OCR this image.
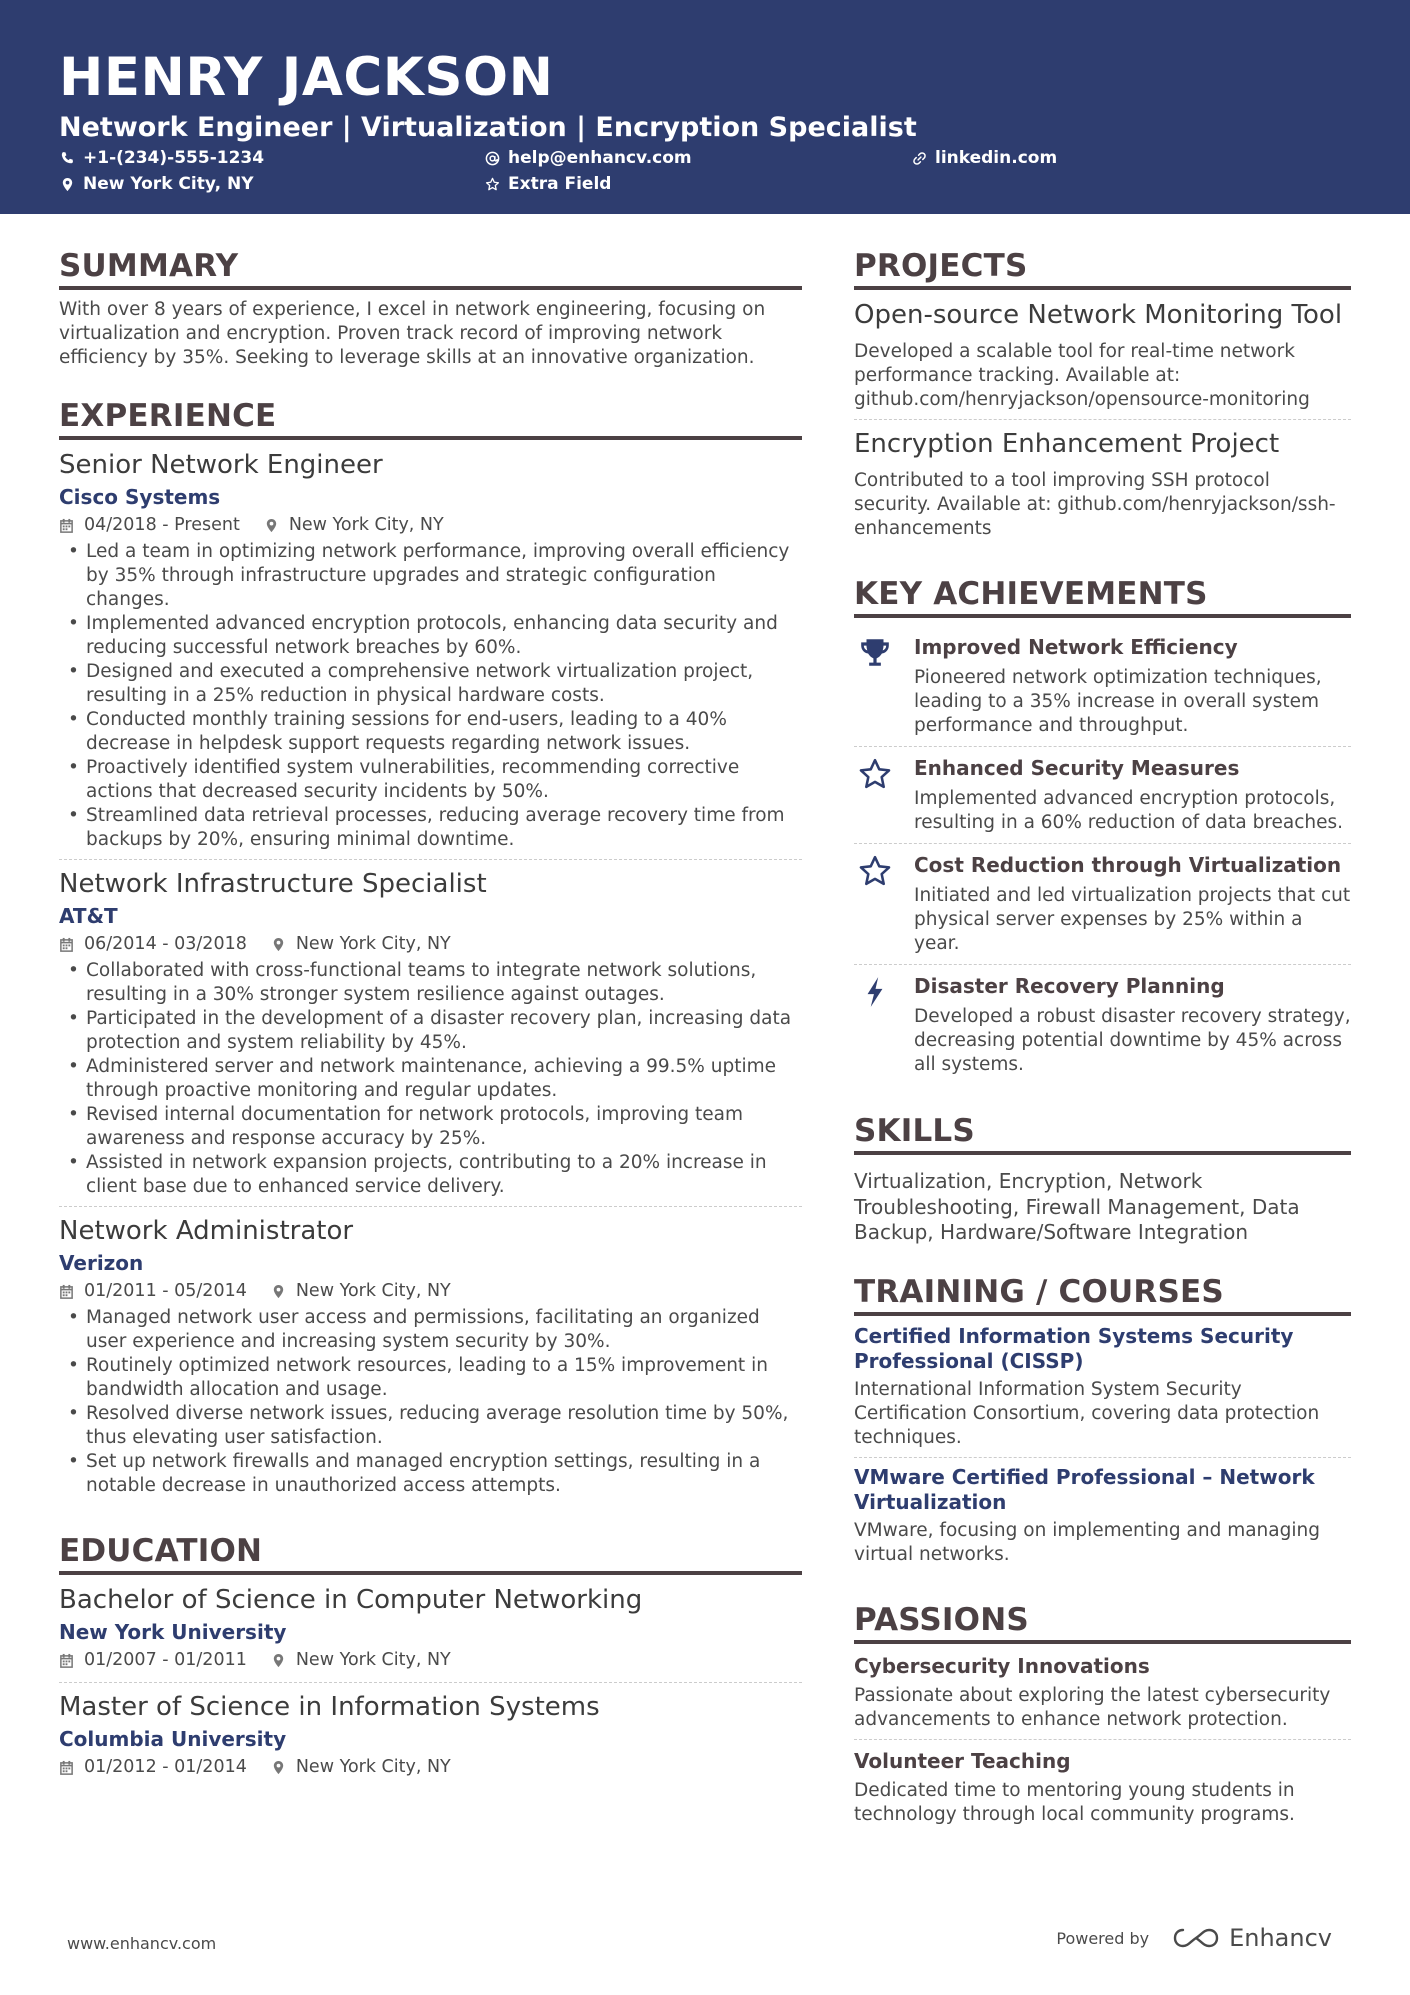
HENRY JACKSON
Network Engineer | Virtualization | Encryption Specialist
+1-(234)-555-1234	help@enhancv.com	linkedin.com
New York City, NY	Extra Field
SUMMARY
With over 8 years of experience, I excel in network engineering, focusing on virtualization and encryption. Proven track record of improving network efficiency by 35%. Seeking to leverage skills at an innovative organization.
EXPERIENCE
Senior Network Engineer
Cisco Systems
04/2018 - Present	New York City, NY
• Led a team in optimizing network performance, improving overall efficiency by 35% through infrastructure upgrades and strategic configuration changes.
• Implemented advanced encryption protocols, enhancing data security and reducing successful network breaches by 60%.
• Designed and executed a comprehensive network virtualization project, resulting in a 25% reduction in physical hardware costs.
• Conducted monthly training sessions for end-users, leading to a 40% decrease in helpdesk support requests regarding network issues.
• Proactively identified system vulnerabilities, recommending corrective actions that decreased security incidents by 50%.
• Streamlined data retrieval processes, reducing average recovery time from backups by 20%, ensuring minimal downtime.
Network Infrastructure Specialist
AT&T
06/2014 - 03/2018	New York City, NY
• Collaborated with cross-functional teams to integrate network solutions, resulting in a 30% stronger system resilience against outages.
• Participated in the development of a disaster recovery plan, increasing data protection and system reliability by 45%.
• Administered server and network maintenance, achieving a 99.5% uptime through proactive monitoring and regular updates.
• Revised internal documentation for network protocols, improving team awareness and response accuracy by 25%.
• Assisted in network expansion projects, contributing to a 20% increase in client base due to enhanced service delivery.
Network Administrator
Verizon
01/2011 - 05/2014	New York City, NY
• Managed network user access and permissions, facilitating an organized user experience and increasing system security by 30%.
• Routinely optimized network resources, leading to a 15% improvement in bandwidth allocation and usage.
• Resolved diverse network issues, reducing average resolution time by 50%, thus elevating user satisfaction.
• Set up network firewalls and managed encryption settings, resulting in a notable decrease in unauthorized access attempts.
EDUCATION
Bachelor of Science in Computer Networking
New York University
01/2007 - 01/2011	New York City, NY
Master of Science in Information Systems
Columbia University
01/2012 - 01/2014	New York City, NY
PROJECTS
Open-source Network Monitoring Tool
Developed a scalable tool for real-time network performance tracking. Available at: github.com/henryjackson/opensource-monitoring
Encryption Enhancement Project
Contributed to a tool improving SSH protocol security. Available at: github.com/henryjackson/ssh-enhancements
KEY ACHIEVEMENTS
Improved Network Efficiency
Pioneered network optimization techniques, leading to a 35% increase in overall system performance and throughput.
Enhanced Security Measures
Implemented advanced encryption protocols, resulting in a 60% reduction of data breaches.
Cost Reduction through Virtualization
Initiated and led virtualization projects that cut physical server expenses by 25% within a year.
Disaster Recovery Planning
Developed a robust disaster recovery strategy, decreasing potential downtime by 45% across all systems.
SKILLS
Virtualization, Encryption, Network Troubleshooting, Firewall Management, Data Backup, Hardware/Software Integration
TRAINING / COURSES
Certified Information Systems Security Professional (CISSP)
International Information System Security Certification Consortium, covering data protection techniques.
VMware Certified Professional – Network Virtualization
VMware, focusing on implementing and managing virtual networks.
PASSIONS
Cybersecurity Innovations
Passionate about exploring the latest cybersecurity advancements to enhance network protection.
Volunteer Teaching
Dedicated time to mentoring young students in technology through local community programs.
www.enhancv.com	Powered by	Enhancv
